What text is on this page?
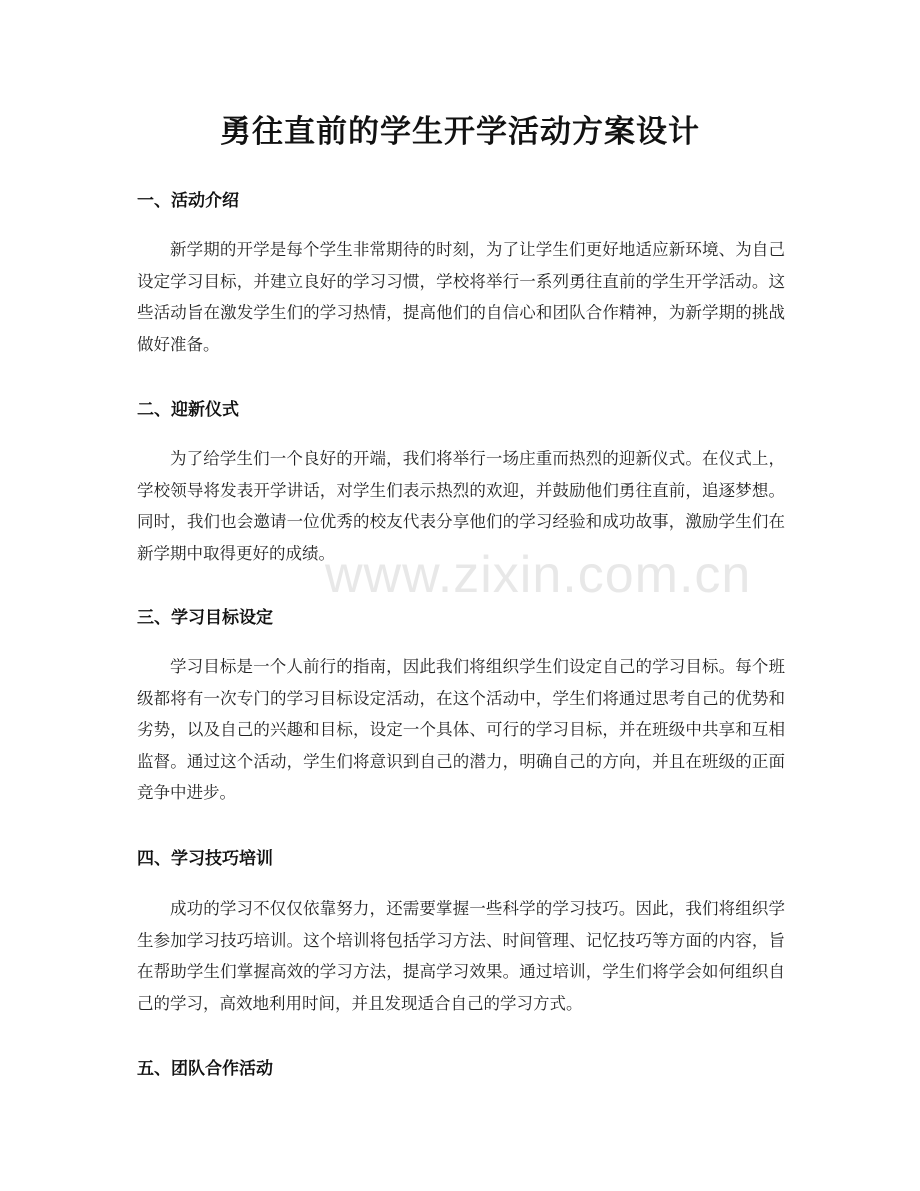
勇往直前的学生开学活动方案设计
一、活动介绍

新学期的开学是每个学生非常期待的时刻，为了让学生们更好地适应新环境、为自己设定学习目标，并建立良好的学习习惯，学校将举行一系列勇往直前的学生开学活动。这些活动旨在激发学生们的学习热情，提高他们的自信心和团队合作精神，为新学期的挑战做好准备。

二、迎新仪式

为了给学生们一个良好的开端，我们将举行一场庄重而热烈的迎新仪式。在仪式上，学校领导将发表开学讲话，对学生们表示热烈的欢迎，并鼓励他们勇往直前，追逐梦想。同时，我们也会邀请一位优秀的校友代表分享他们的学习经验和成功故事，激励学生们在新学期中取得更好的成绩。

三、学习目标设定

学习目标是一个人前行的指南，因此我们将组织学生们设定自己的学习目标。每个班级都将有一次专门的学习目标设定活动，在这个活动中，学生们将通过思考自己的优势和劣势，以及自己的兴趣和目标，设定一个具体、可行的学习目标，并在班级中共享和互相监督。通过这个活动，学生们将意识到自己的潜力，明确自己的方向，并且在班级的正面竞争中进步。

四、学习技巧培训

成功的学习不仅仅依靠努力，还需要掌握一些科学的学习技巧。因此，我们将组织学生参加学习技巧培训。这个培训将包括学习方法、时间管理、记忆技巧等方面的内容，旨在帮助学生们掌握高效的学习方法，提高学习效果。通过培训，学生们将学会如何组织自己的学习，高效地利用时间，并且发现适合自己的学习方式。

五、团队合作活动
www.zixin.com.cn
